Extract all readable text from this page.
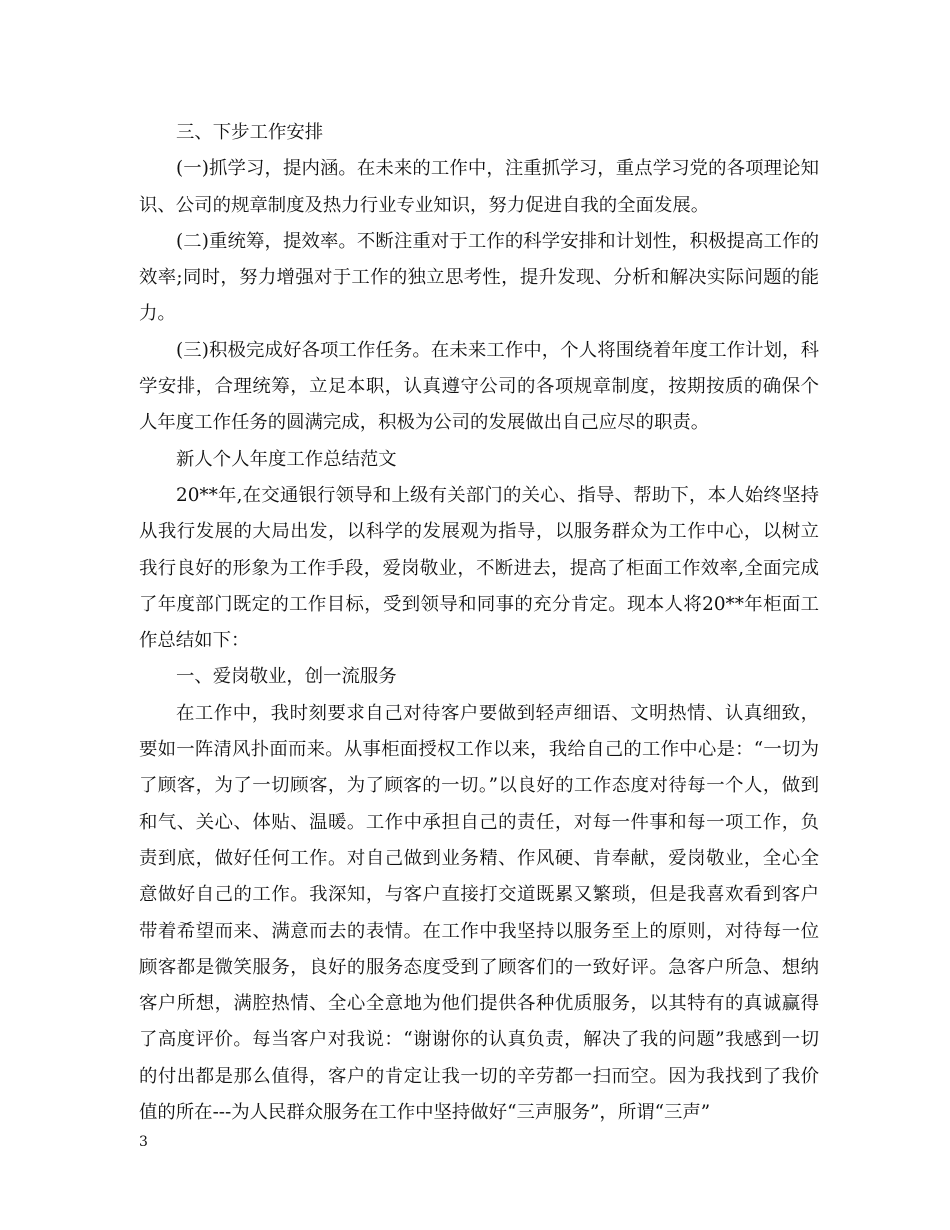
三、下步工作安排

(一)抓学习，提内涵。在未来的工作中，注重抓学习，重点学习党的各项理论知识、公司的规章制度及热力行业专业知识，努力促进自我的全面发展。

(二)重统筹，提效率。不断注重对于工作的科学安排和计划性，积极提高工作的效率;同时，努力增强对于工作的独立思考性，提升发现、分析和解决实际问题的能力。

(三)积极完成好各项工作任务。在未来工作中，个人将围绕着年度工作计划，科学安排，合理统筹，立足本职，认真遵守公司的各项规章制度，按期按质的确保个人年度工作任务的圆满完成，积极为公司的发展做出自己应尽的职责。

新人个人年度工作总结范文

20**年,在交通银行领导和上级有关部门的关心、指导、帮助下，本人始终坚持从我行发展的大局出发，以科学的发展观为指导，以服务群众为工作中心，以树立我行良好的形象为工作手段，爱岗敬业，不断进去，提高了柜面工作效率,全面完成了年度部门既定的工作目标，受到领导和同事的充分肯定。现本人将20**年柜面工作总结如下：

一、爱岗敬业，创一流服务

在工作中，我时刻要求自己对待客户要做到轻声细语、文明热情、认真细致，要如一阵清风扑面而来。从事柜面授权工作以来，我给自己的工作中心是：“一切为了顾客，为了一切顾客，为了顾客的一切。”以良好的工作态度对待每一个人，做到和气、关心、体贴、温暖。工作中承担自己的责任，对每一件事和每一项工作，负责到底，做好任何工作。对自己做到业务精、作风硬、肯奉献，爱岗敬业，全心全意做好自己的工作。我深知，与客户直接打交道既累又繁琐，但是我喜欢看到客户带着希望而来、满意而去的表情。在工作中我坚持以服务至上的原则，对待每一位顾客都是微笑服务，良好的服务态度受到了顾客们的一致好评。急客户所急、想纳客户所想，满腔热情、全心全意地为他们提供各种优质服务，以其特有的真诚赢得了高度评价。每当客户对我说：“谢谢你的认真负责，解决了我的问题”我感到一切的付出都是那么值得，客户的肯定让我一切的辛劳都一扫而空。因为我找到了我价值的所在---为人民群众服务在工作中坚持做好“三声服务”，所谓“三声”

3
